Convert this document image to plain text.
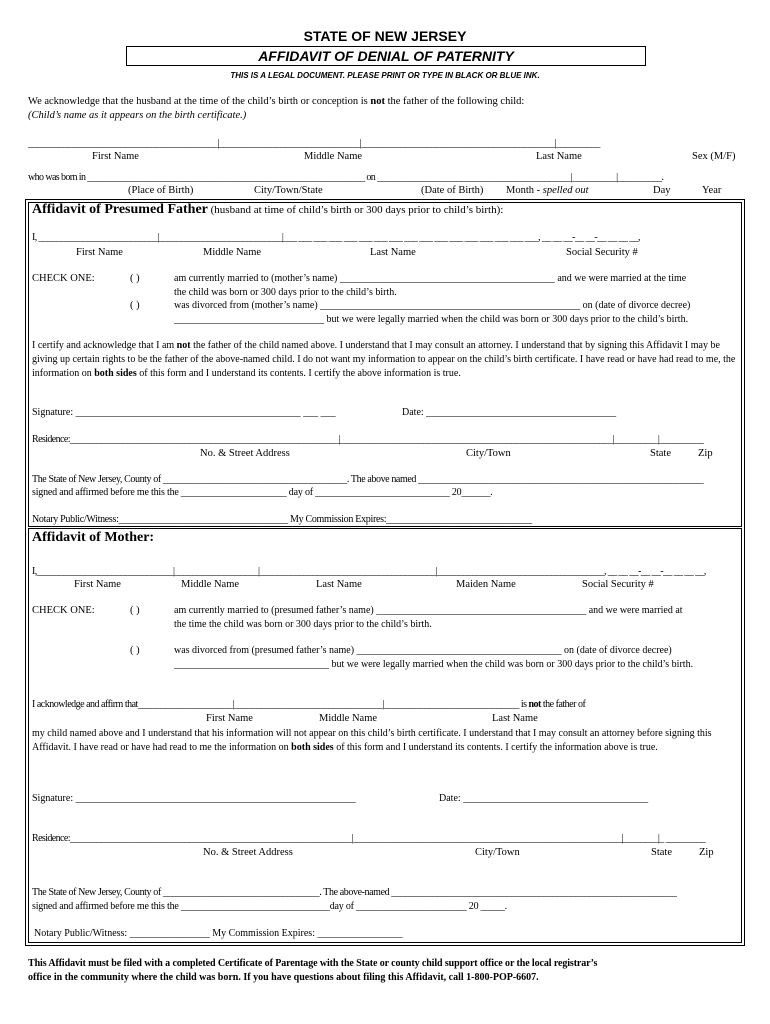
STATE OF NEW JERSEY
AFFIDAVIT OF DENIAL OF PATERNITY
THIS IS A LEGAL DOCUMENT. PLEASE PRINT OR TYPE IN BLACK OR BLUE INK.
We acknowledge that the husband at the time of the child’s birth or conception is not the father of the following child:
(Child’s name as it appears on the birth certificate.)
___________________________________________|________________________________|____________________________________________|__________
First Name	Middle Name	Last Name	Sex (M/F)
who was born in _______________________________________________________________ on ____________________________________________|__________|__________.
(Place of Birth)	City/Town/State	(Date of Birth) Month - spelled out	Day	Year
Affidavit of Presumed Father (husband at time of child’s birth or 300 days prior to child’s birth):
I, ___________________________|____________________________|___ ___ ___ ___ ___ ___ ___ ___ ___ ___ ___ ___ ___ ___ ___ ___ ___, __ __ __-__ __-__ __ __ __,
First Name	Middle Name	Last Name	Social Security #
CHECK ONE:	( )	am currently married to (mother’s name) ___________________________________________ and we were married at the time
the child was born or 300 days prior to the child’s birth.
( )	was divorced from (mother’s name) ____________________________________________________ on (date of divorce decree)
______________________________ but we were legally married when the child was born or 300 days prior to the child’s birth.
I certify and acknowledge that I am not the father of the child named above. I understand that I may consult an attorney. I understand that by signing this Affidavit I may be giving up certain rights to be the father of the above-named child. I do not want my information to appear on the child’s birth certificate. I have read or have had read to me, the information on both sides of this form and I understand its contents. I certify the above information is true.
Signature: _____________________________________________ ___ ___	Date: ______________________________________
Residence:_____________________________________________________________|______________________________________________________________|__________|__________
No. & Street Address	City/Town	State	Zip
The State of New Jersey, County of ________________________________________. The above named ______________________________________________________________
signed and affirmed before me this the ______________________ day of ____________________________ 20______.
Notary Public/Witness:____________________________________ My Commission Expires:_______________________________
Affidavit of Mother:
I,_______________________________|___________________|________________________________________|______________________________________, __ __ __-__ __-__ __ __ __,
First Name	Middle Name	Last Name	Maiden Name	Social Security #
CHECK ONE:	( )	am currently married to (presumed father’s name) __________________________________________ and we were married at
the time the child was born or 300 days prior to the child’s birth.
( )	was divorced from (presumed father’s name) _________________________________________ on (date of divorce decree)
_______________________________ but we were legally married when the child was born or 300 days prior to the child’s birth.
I acknowledge and affirm that_____________________|_________________________________|______________________________ is not the father of
First Name	Middle Name	Last Name
my child named above and I understand that his information will not appear on this child’s birth certificate. I understand that I may consult an attorney before signing this Affidavit. I have read or have had read to me the information on both sides of this form and I understand its contents. I certify the information above is true.
Signature: ________________________________________________________	Date: _____________________________________
Residence:________________________________________________________________|_____________________________________________________________|________|_ _________
No. & Street Address	City/Town	State	Zip
The State of New Jersey, County of __________________________________. The above-named ______________________________________________________________
signed and affirmed before me this the _______________________________day of _______________________ 20 _____.
Notary Public/Witness: ________________ My Commission Expires: _________________
This Affidavit must be filed with a completed Certificate of Parentage with the State or county child support office or the local registrar’s
office in the community where the child was born. If you have questions about filing this Affidavit, call 1-800-POP-6607.
